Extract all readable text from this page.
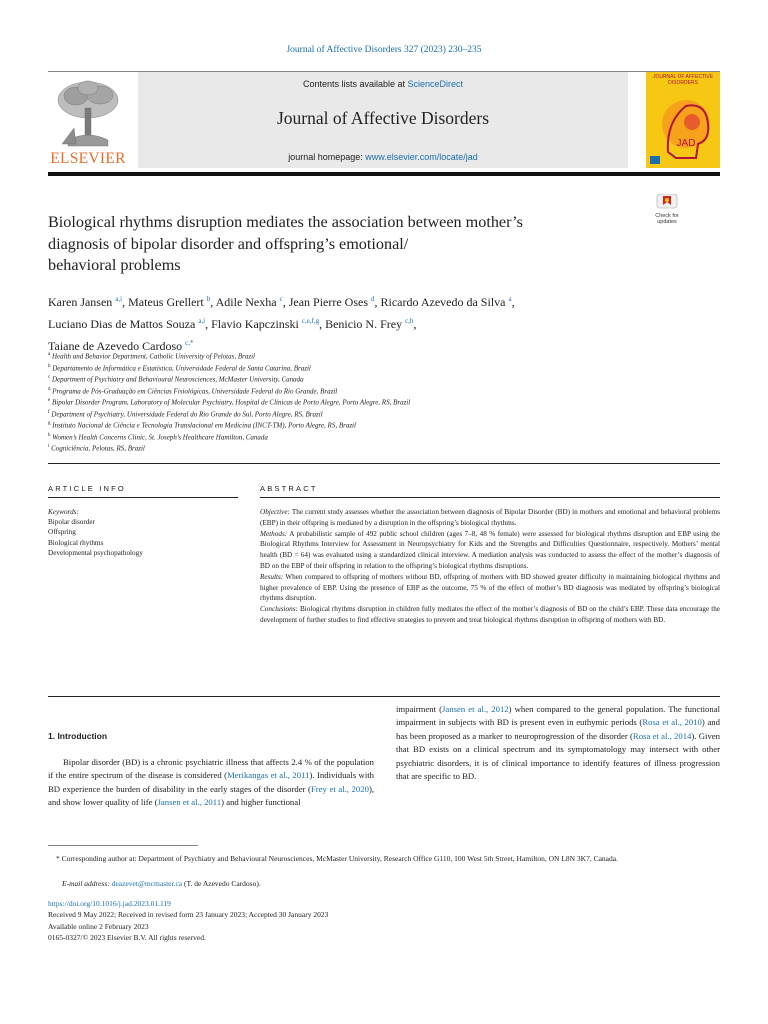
Journal of Affective Disorders 327 (2023) 230–235
ELSEVIER
Contents lists available at ScienceDirect
Journal of Affective Disorders
journal homepage: www.elsevier.com/locate/jad
JOURNAL OF AFFECTIVE DISORDERS
JAD
Check for updates
Biological rhythms disruption mediates the association between mother’s
diagnosis of bipolar disorder and offspring’s emotional/
behavioral problems
Karen Jansen $^{a,i}$, Mateus Grellert $^b$, Adile Nexha $^c$, Jean Pierre Oses $^d$, Ricardo Azevedo da Silva $^a$,
Luciano Dias de Mattos Souza $^{a,i}$, Flavio Kapczinski $^{c,e,f,g}$, Benicio N. Frey $^{c,h}$,
Taiane de Azevedo Cardoso $^{c,*}$
$^a$ Health and Behavior Department, Catholic University of Pelotas, Brazil
$^b$ Departamento de Informática e Estatística, Universidade Federal de Santa Catarina, Brazil
$^c$ Department of Psychiatry and Behavioural Neurosciences, McMaster University, Canada
$^d$ Programa de Pós-Graduação em Ciências Fisiológicas, Universidade Federal do Rio Grande, Brazil
$^e$ Bipolar Disorder Program, Laboratory of Molecular Psychiatry, Hospital de Clínicas de Porto Alegre, Porto Alegre, RS, Brazil
$^f$ Department of Psychiatry, Universidade Federal do Rio Grande do Sul, Porto Alegre, RS, Brazil
$^g$ Instituto Nacional de Ciência e Tecnologia Translacional em Medicina (INCT-TM), Porto Alegre, RS, Brazil
$^h$ Women’s Health Concerns Clinic, St. Joseph’s Healthcare Hamilton, Canada
$^i$ Cogniciência, Pelotas, RS, Brazil
ARTICLE INFO	ABSTRACT
Keywords:
Bipolar disorder
Offspring
Biological rhythms
Developmental psychopathology

Objective: The current study assesses whether the association between diagnosis of Bipolar Disorder (BD) in mothers and emotional and behavioral problems (EBP) in their offspring is mediated by a disruption in the offspring’s biological rhythms.

Methods: A probabilistic sample of 492 public school children (ages 7–8, 48 % female) were assessed for biological rhythms disruption and EBP using the Biological Rhythms Interview for Assessment in Neuropsychiatry for Kids and the Strengths and Difficulties Questionnaire, respectively. Mothers’ mental health (BD = 64) was evaluated using a standardized clinical interview. A mediation analysis was conducted to assess the effect of the mother’s diagnosis of BD on the EBP of their offspring in relation to the offspring’s biological rhythms disruptions.

Results: When compared to offspring of mothers without BD, offspring of mothers with BD showed greater difficulty in maintaining biological rhythms and higher prevalence of EBP. Using the presence of EBP as the outcome, 75 % of the effect of mother’s BD diagnosis was mediated by offspring’s biological rhythms disruption.

Conclusions: Biological rhythms disruption in children fully mediates the effect of the mother’s diagnosis of BD on the child’s EBP. These data encourage the development of further studies to find effective strategies to prevent and treat biological rhythms disruption in offspring of mothers with BD.

1. Introduction
Bipolar disorder (BD) is a chronic psychiatric illness that affects 2.4 % of the population if the entire spectrum of the disease is considered (Merikangas et al., 2011). Individuals with BD experience the burden of disability in the early stages of the disorder (Frey et al., 2020), and show lower quality of life (Jansen et al., 2011) and higher functional
impairment (Jansen et al., 2012) when compared to the general population. The functional impairment in subjects with BD is present even in euthymic periods (Rosa et al., 2010) and has been proposed as a marker to neuroprogression of the disorder (Rosa et al., 2014). Given that BD exists on a clinical spectrum and its symptomatology may intersect with other psychiatric disorders, it is of clinical importance to identify features of illness progression that are specific to BD.
* Corresponding author at: Department of Psychiatry and Behavioural Neurosciences, McMaster University, Research Office G110, 100 West 5th Street, Hamilton, ON L8N 3K7, Canada.
E-mail address: deazevet@mcmaster.ca (T. de Azevedo Cardoso).
https://doi.org/10.1016/j.jad.2023.01.119
Received 9 May 2022; Received in revised form 23 January 2023; Accepted 30 January 2023
Available online 2 February 2023
0165-0327/© 2023 Elsevier B.V. All rights reserved.
